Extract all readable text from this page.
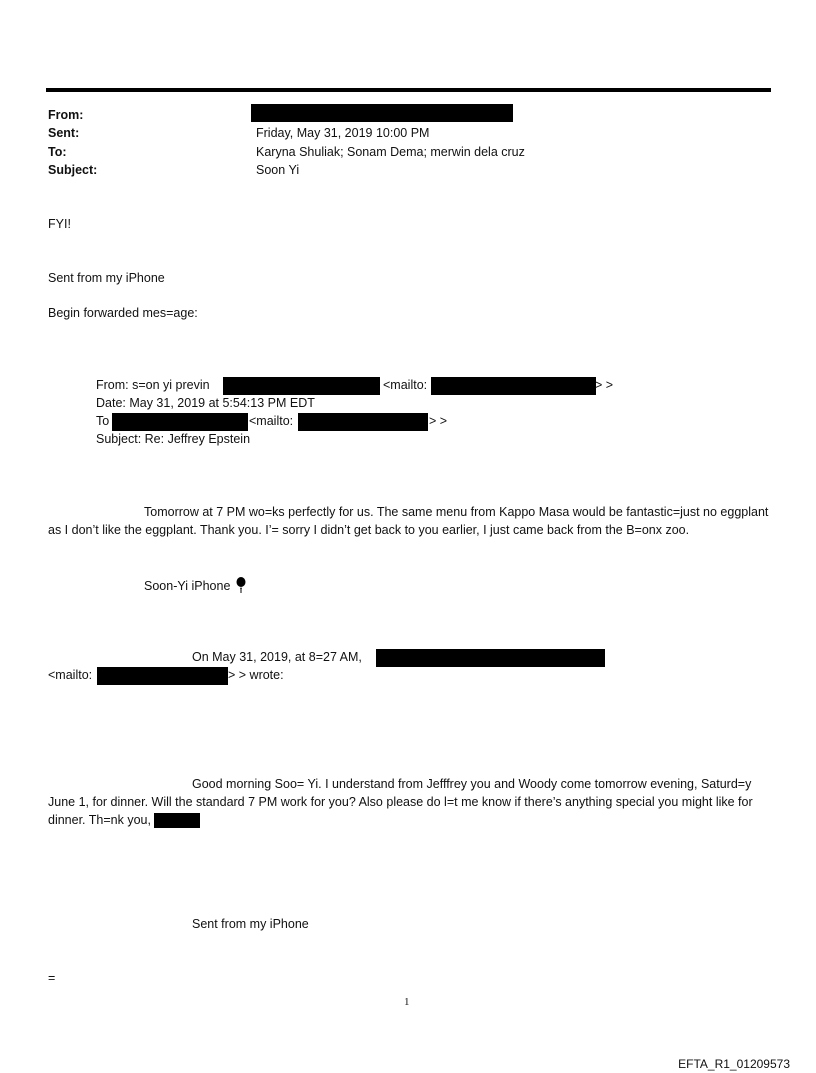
From:
Sent:	Friday, May 31, 2019 10:00 PM
To:	Karyna Shuliak; Sonam Dema; merwin dela cruz
Subject:	Soon Yi
FYI!
Sent from my iPhone
Begin forwarded mes=age:
From: s=on yi previn	<mailto:	> >
Date: May 31, 2019 at 5:54:13 PM EDT
To	<mailto:	> >
Subject: Re: Jeffrey Epstein
Tomorrow at 7 PM wo=ks perfectly for us. The same menu from Kappo Masa would be fantastic=just no eggplant as I don’t like the eggplant. Thank you. I’= sorry I didn’t get back to you earlier, I just came back from the B=onx zoo.
Soon-Yi iPhone
On May 31, 2019, at 8=27 AM,
<mailto:	> > wrote:
Good morning Soo= Yi. I understand from Jefffrey you and Woody come tomorrow evening, Saturd=y June 1, for dinner. Will the standard 7 PM work for you? Also please do l=t me know if there’s anything special you might like for dinner. Th=nk you,
Sent from my iPhone
=
1
EFTA_R1_01209573
